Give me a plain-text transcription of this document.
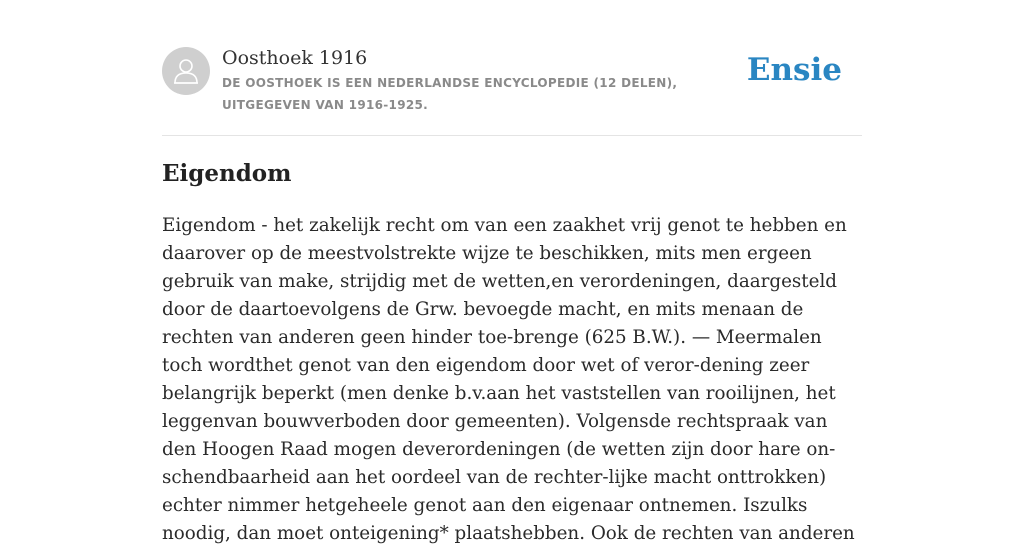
Oosthoek 1916
DE OOSTHOEK IS EEN NEDERLANDSE ENCYCLOPEDIE (12 DELEN), UITGEGEVEN VAN 1916-1925.
Ensie
Eigendom

Eigendom - het zakelijk recht om van een zaakhet vrij genot te hebben en daarover op de meestvolstrekte wijze te beschikken, mits men ergeen gebruik van make, strijdig met de wetten,en verordeningen, daargesteld door de daartoevolgens de Grw. bevoegde macht, en mits menaan de rechten van anderen geen hinder toe-brenge (625 B.W.). — Meermalen toch wordthet genot van den eigendom door wet of veror-dening zeer belangrijk beperkt (men denke b.v.aan het vaststellen van rooilijnen, het leggenvan bouwverboden door gemeenten). Volgensde rechtspraak van den Hoogen Raad mogen deverordeningen (de wetten zijn door hare on-schendbaarheid aan het oordeel van de rechter-lijke macht onttrokken) echter nimmer hetgeheele genot aan den eigenaar ontnemen. Iszulks noodig, dan moet onteigening* plaatshebben. Ook de rechten van anderen
